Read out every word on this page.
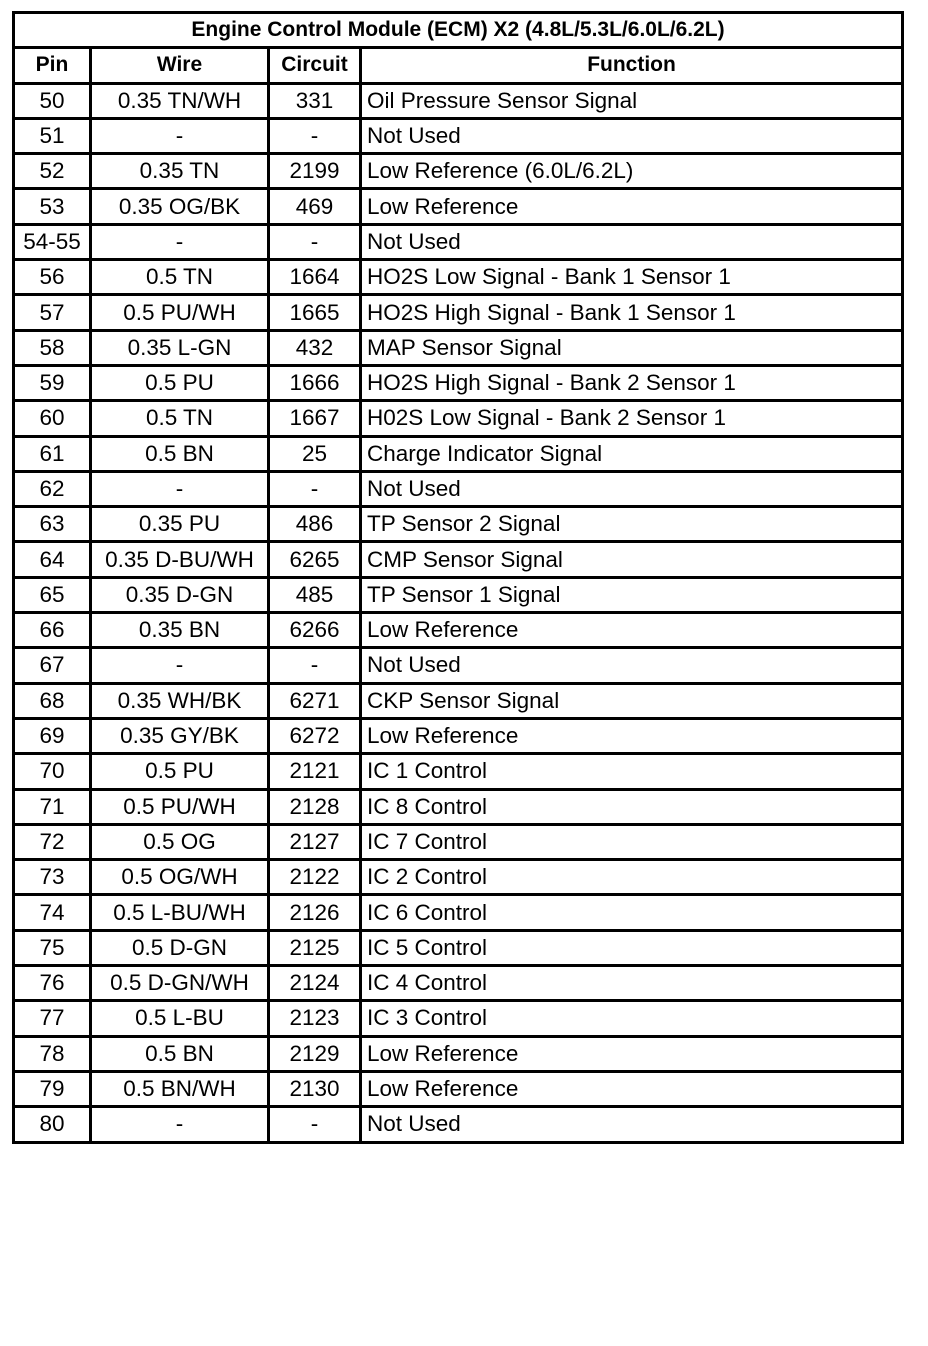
Engine Control Module (ECM) X2 (4.8L/5.3L/6.0L/6.2L)			
Pin	Wire	Circuit	Function
50	0.35 TN/WH	331	Oil Pressure Sensor Signal
51	-	-	Not Used
52	0.35 TN	2199	Low Reference (6.0L/6.2L)
53	0.35 OG/BK	469	Low Reference
54-55	-	-	Not Used
56	0.5 TN	1664	HO2S Low Signal - Bank 1 Sensor 1
57	0.5 PU/WH	1665	HO2S High Signal - Bank 1 Sensor 1
58	0.35 L-GN	432	MAP Sensor Signal
59	0.5 PU	1666	HO2S High Signal - Bank 2 Sensor 1
60	0.5 TN	1667	H02S Low Signal - Bank 2 Sensor 1
61	0.5 BN	25	Charge Indicator Signal
62	-	-	Not Used
63	0.35 PU	486	TP Sensor 2 Signal
64	0.35 D-BU/WH	6265	CMP Sensor Signal
65	0.35 D-GN	485	TP Sensor 1 Signal
66	0.35 BN	6266	Low Reference
67	-	-	Not Used
68	0.35 WH/BK	6271	CKP Sensor Signal
69	0.35 GY/BK	6272	Low Reference
70	0.5 PU	2121	IC 1 Control
71	0.5 PU/WH	2128	IC 8 Control
72	0.5 OG	2127	IC 7 Control
73	0.5 OG/WH	2122	IC 2 Control
74	0.5 L-BU/WH	2126	IC 6 Control
75	0.5 D-GN	2125	IC 5 Control
76	0.5 D-GN/WH	2124	IC 4 Control
77	0.5 L-BU	2123	IC 3 Control
78	0.5 BN	2129	Low Reference
79	0.5 BN/WH	2130	Low Reference
80	-	-	Not Used
